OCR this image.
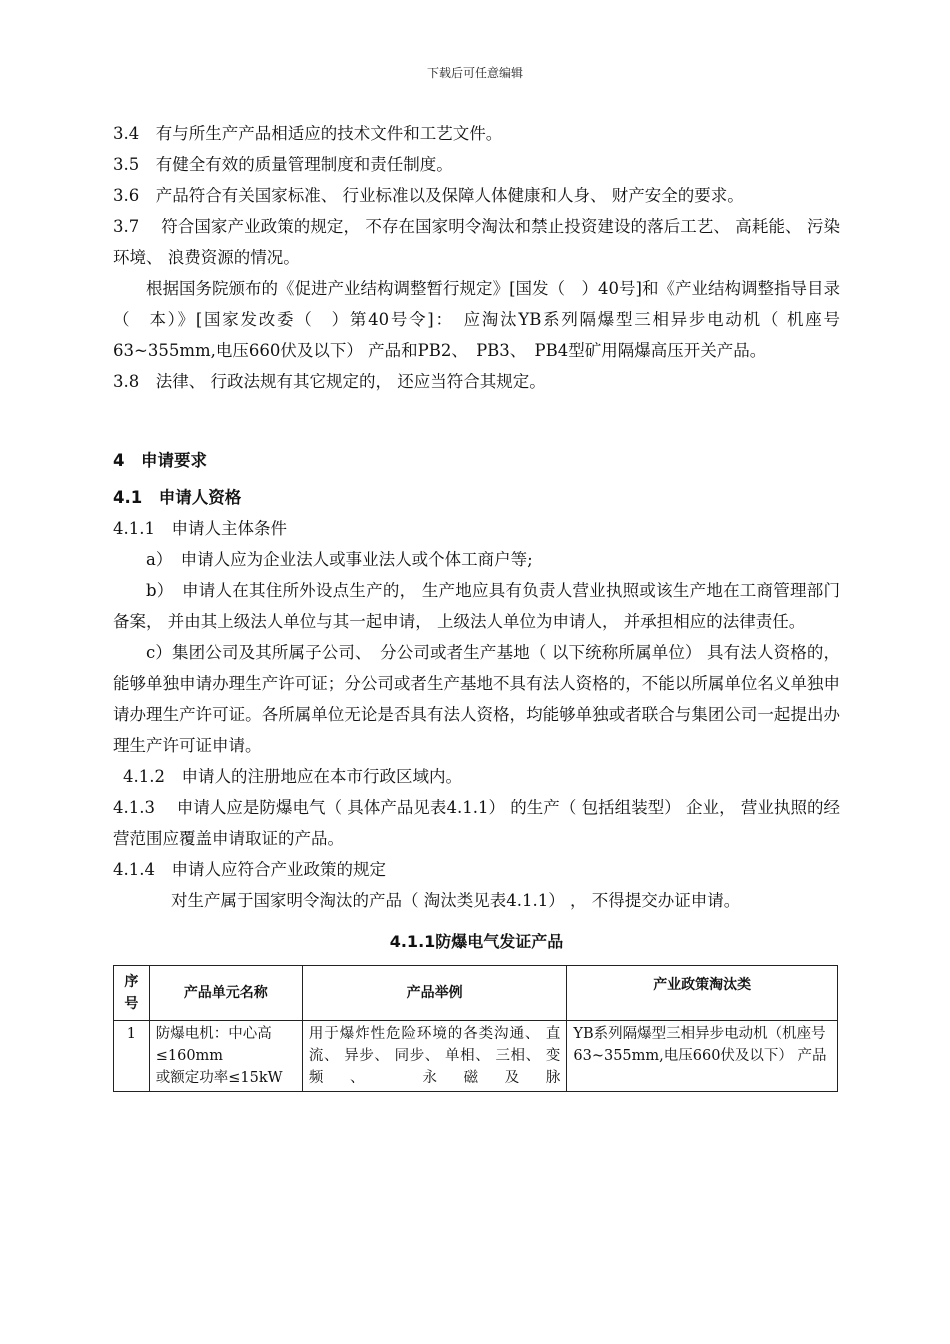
下载后可任意编辑
3.4　有与所生产产品相适应的技术文件和工艺文件。
3.5　有健全有效的质量管理制度和责任制度。
3.6　产品符合有关国家标准、 行业标准以及保障人体健康和人身、 财产安全的要求。
3.7　 符合国家产业政策的规定， 不存在国家明令淘汰和禁止投资建设的落后工艺、 高耗能、 污染环境、 浪费资源的情况。
根据国务院颁布的《促进产业结构调整暂行规定》[国发（　）40号]和《产业结构调整指导目录（　本）》[国家发改委（　）第40号令]：　应淘汰YB系列隔爆型三相异步电动机（ 机座号63~355mm,电压660伏及以下） 产品和PB2、　PB3、　PB4型矿用隔爆高压开关产品。
3.8　法律、 行政法规有其它规定的， 还应当符合其规定。
4　申请要求
4.1　申请人资格
4.1.1　申请人主体条件
a）　申请人应为企业法人或事业法人或个体工商户等;
b）　申请人在其住所外设点生产的， 生产地应具有负责人营业执照或该生产地在工商管理部门备案， 并由其上级法人单位与其一起申请， 上级法人单位为申请人， 并承担相应的法律责任。
c）集团公司及其所属子公司、　分公司或者生产基地（ 以下统称所属单位） 具有法人资格的， 能够单独申请办理生产许可证；分公司或者生产基地不具有法人资格的，不能以所属单位名义单独申请办理生产许可证。各所属单位无论是否具有法人资格，均能够单独或者联合与集团公司一起提出办理生产许可证申请。
4.1.2　申请人的注册地应在本市行政区域内。
4.1.3　 申请人应是防爆电气（ 具体产品见表4.1.1） 的生产（ 包括组装型） 企业， 营业执照的经营范围应覆盖申请取证的产品。
4.1.4　申请人应符合产业政策的规定
对生产属于国家明令淘汰的产品（ 淘汰类见表4.1.1） ， 不得提交办证申请。
4.1.1防爆电气发证产品
序号	产品单元名称	产品举例	产业政策淘汰类
1	防爆电机：中心高
≤160mm
或额定功率≤15kW	用于爆炸性危险环境的各类沟通、 直流、 异步、 同步、 单相、 三相、 变频、 永磁及脉	YB系列隔爆型三相异步电动机（机座号63~355mm,电压660伏及以下） 产品
